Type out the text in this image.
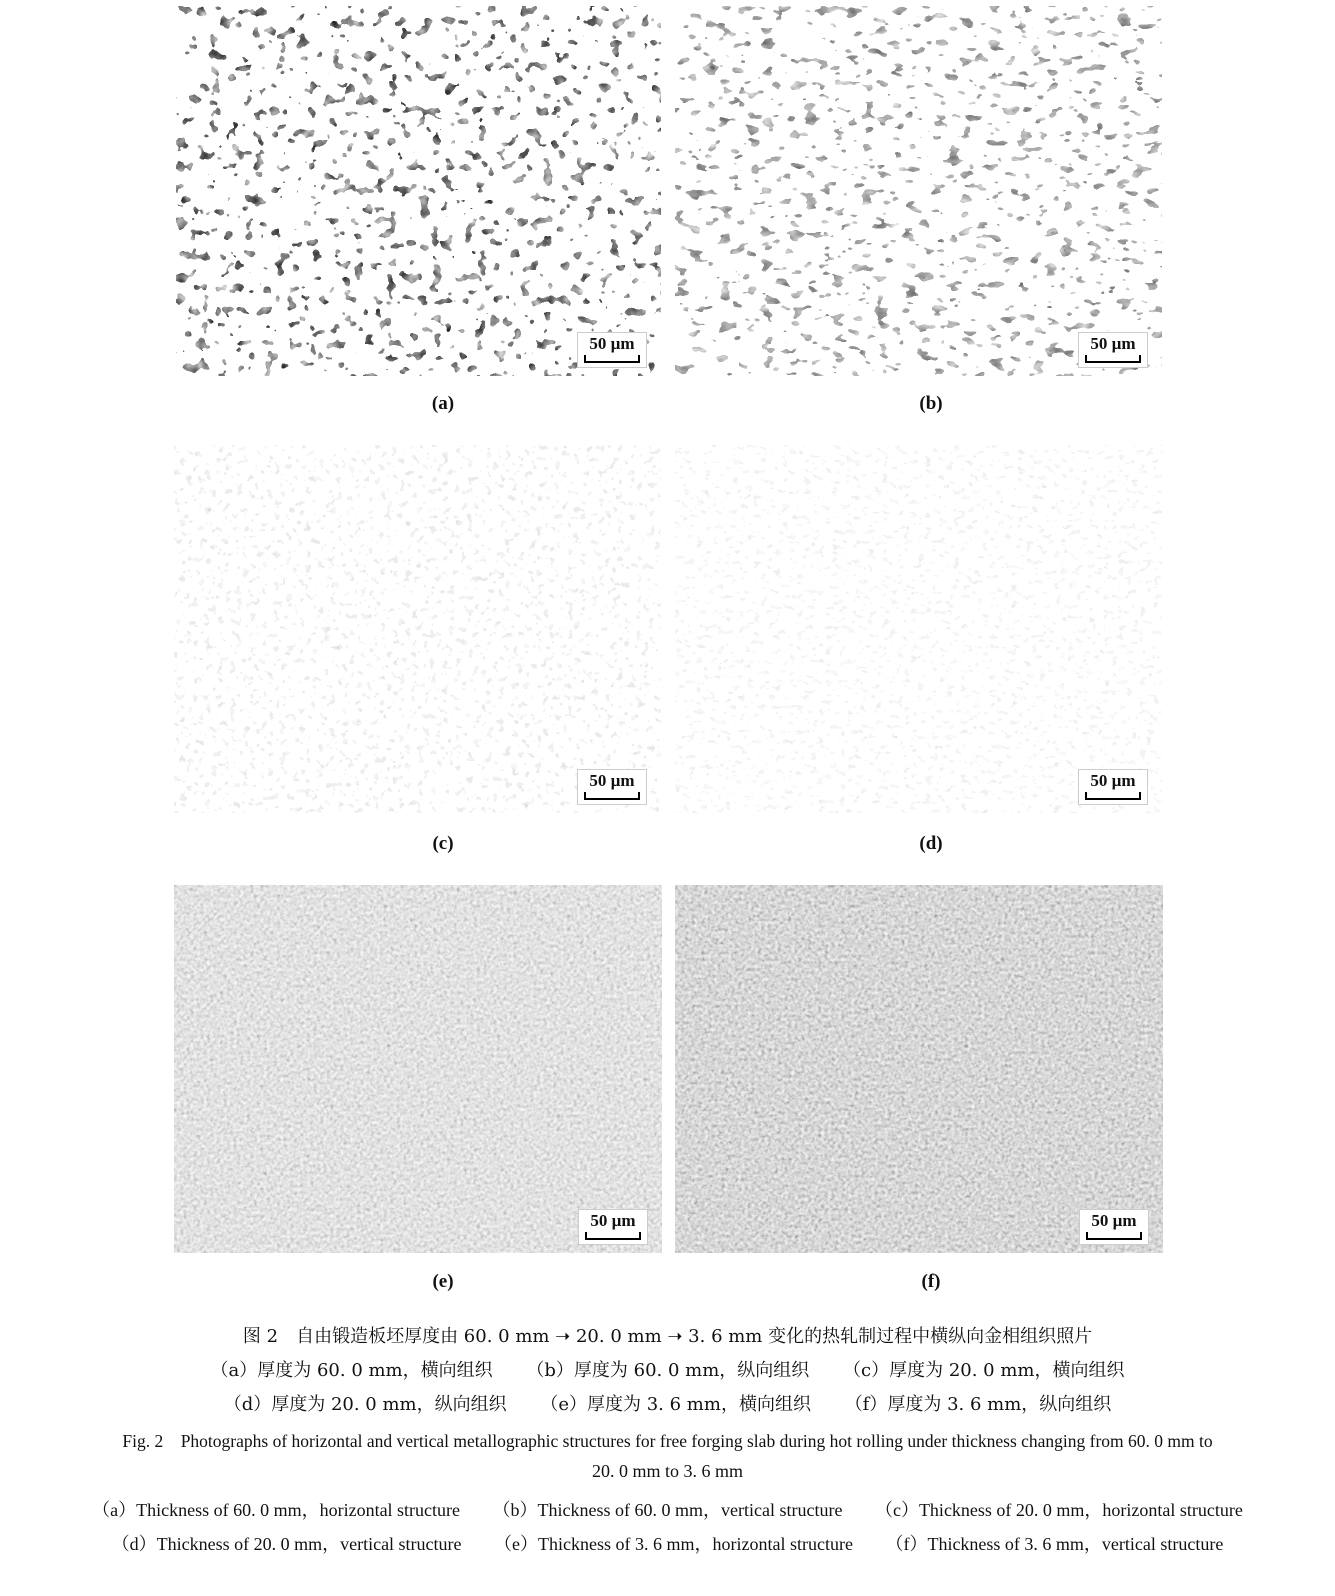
50 µm	50 µm
(a)	(b)
50 µm	50 µm
(c)	(d)
50 µm	50 µm
(e)	(f)
图 2　自由锻造板坯厚度由 60. 0 mm ➝ 20. 0 mm ➝ 3. 6 mm 变化的热轧制过程中横纵向金相组织照片
（a）厚度为 60. 0 mm，横向组织 （b）厚度为 60. 0 mm，纵向组织 （c）厚度为 20. 0 mm，横向组织
（d）厚度为 20. 0 mm，纵向组织 （e）厚度为 3. 6 mm，横向组织 （f）厚度为 3. 6 mm，纵向组织
Fig. 2　Photographs of horizontal and vertical metallographic structures for free forging slab during hot rolling under thickness changing from 60. 0 mm to
20. 0 mm to 3. 6 mm
（a）Thickness of 60. 0 mm，horizontal structure （b）Thickness of 60. 0 mm，vertical structure （c）Thickness of 20. 0 mm，horizontal structure
（d）Thickness of 20. 0 mm，vertical structure （e）Thickness of 3. 6 mm，horizontal structure （f）Thickness of 3. 6 mm，vertical structure
